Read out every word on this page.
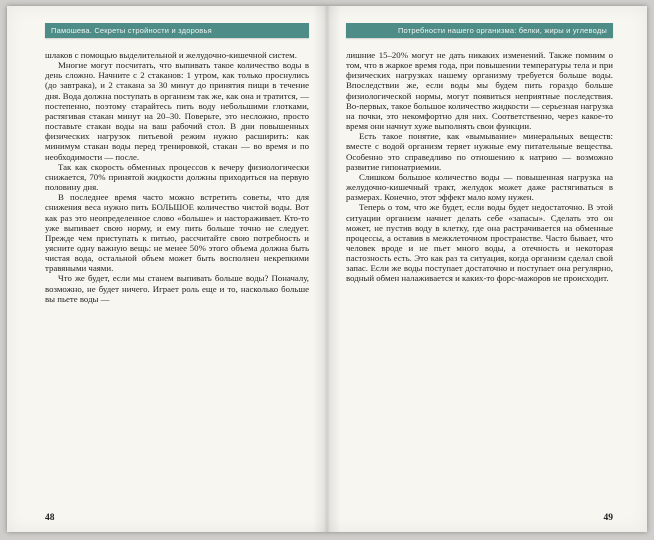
Памошева. Секреты стройности и здоровья

шлаков с помощью выделительной и желудочно-кишечной систем.

Многие могут посчитать, что выпивать такое количество воды в день сложно. Начните с 2 стаканов: 1 утром, как только проснулись (до завтрака), и 2 стакана за 30 минут до принятия пищи в течение дня. Вода должна поступать в организм так же, как она и тратится, — постепенно, поэтому старайтесь пить воду небольшими глотками, растягивая стакан минут на 20–30. Поверьте, это несложно, просто поставьте стакан воды на ваш рабочий стол. В дни повышенных физических нагрузок питьевой режим нужно расширить: как минимум стакан воды перед тренировкой, стакан — во время и по необходимости — после.

Так как скорость обменных процессов к вечеру физиологически снижается, 70% принятой жидкости должны приходиться на первую половину дня.

В последнее время часто можно встретить советы, что для снижения веса нужно пить БОЛЬШОЕ количество чистой воды. Вот как раз это неопределенное слово «больше» и настораживает. Кто-то уже выпивает свою норму, и ему пить больше точно не следует. Прежде чем приступать к питью, рассчитайте свою потребность и уясните одну важную вещь: не менее 50% этого объема должна быть чистая вода, остальной объем может быть восполнен некрепкими травяными чаями.

Что же будет, если мы станем выпивать больше воды? Поначалу, возможно, не будет ничего. Играет роль еще и то, насколько больше вы пьете воды —

48
Потребности нашего организма: белки, жиры и углеводы

лишние 15–20% могут не дать никаких изменений. Также помним о том, что в жаркое время года, при повышении температуры тела и при физических нагрузках нашему организму требуется больше воды. Впоследствии же, если воды мы будем пить гораздо больше физиологической нормы, могут появиться неприятные последствия. Во-первых, такое большое количество жидкости — серьезная нагрузка на почки, это некомфортно для них. Соответственно, через какое-то время они начнут хуже выполнять свои функции.

Есть такое понятие, как «вымывание» минеральных веществ: вместе с водой организм теряет нужные ему питательные вещества. Особенно это справедливо по отношению к натрию — возможно развитие гипонатриемии.

Слишком большое количество воды — повышенная нагрузка на желудочно-кишечный тракт, желудок может даже растягиваться в размерах. Конечно, этот эффект мало кому нужен.

Теперь о том, что же будет, если воды будет недостаточно. В этой ситуации организм начнет делать себе «запасы». Сделать это он может, не пустив воду в клетку, где она растрачивается на обменные процессы, а оставив в межклеточном пространстве. Часто бывает, что человек вроде и не пьет много воды, а отечность и некоторая пастозность есть. Это как раз та ситуация, когда организм сделал свой запас. Если же воды поступает достаточно и поступает она регулярно, водный обмен налаживается и каких-то форс-мажоров не происходит.

49
